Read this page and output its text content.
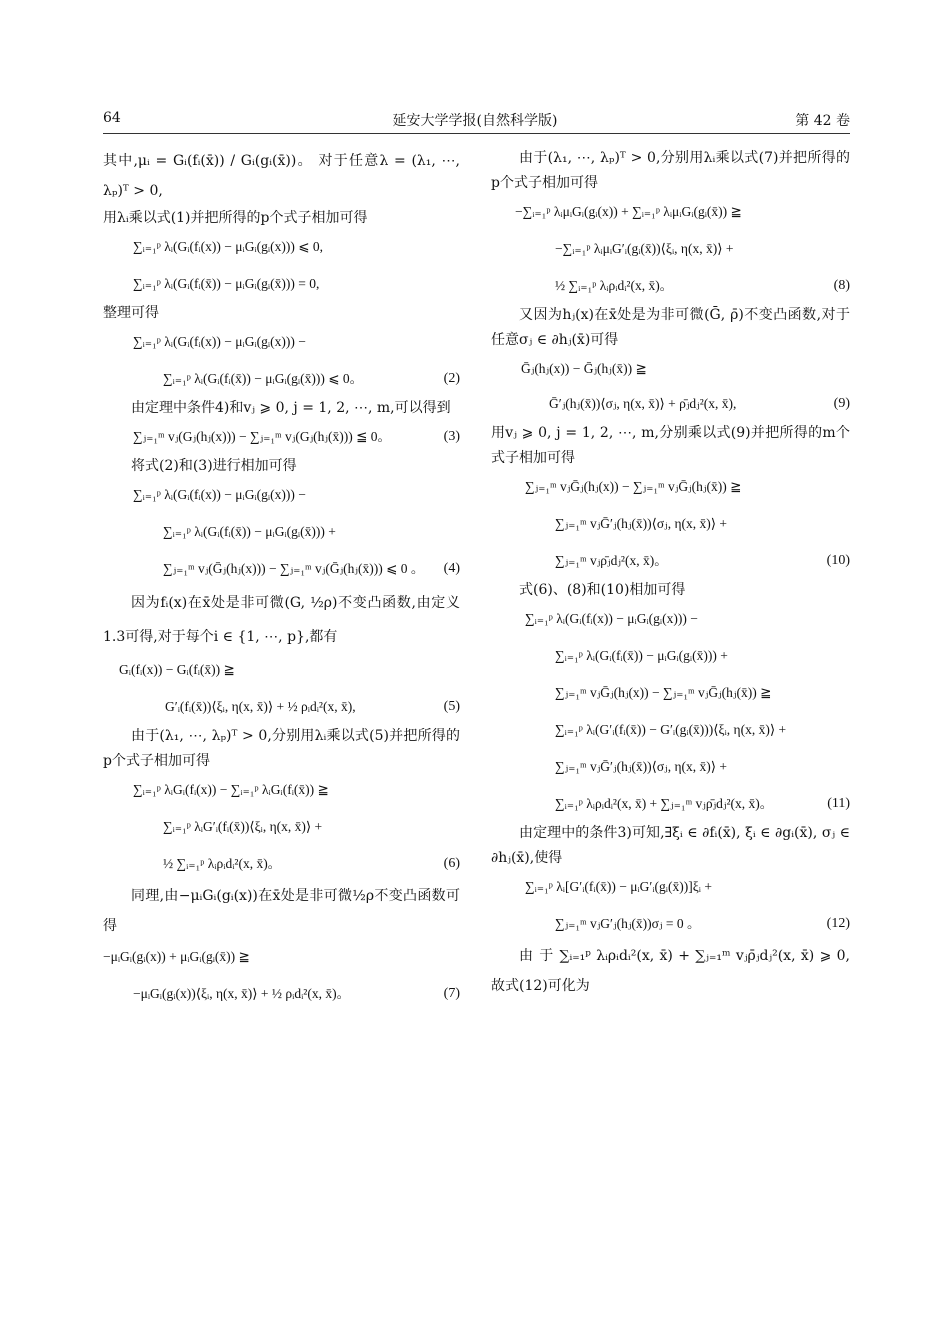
64	延安大学学报(自然科学版)	第 42 卷

其中,μᵢ = Gᵢ(fᵢ(x̄)) / Gᵢ(gᵢ(x̄))。 对于任意λ = (λ₁, ⋯, λₚ)ᵀ > 0,

用λᵢ乘以式(1)并把所得的p个式子相加可得

∑ᵢ₌₁ᵖ λᵢ(Gᵢ(fᵢ(x)) − μᵢGᵢ(gᵢ(x))) ⩽ 0,
∑ᵢ₌₁ᵖ λᵢ(Gᵢ(fᵢ(x̄)) − μᵢGᵢ(gᵢ(x̄))) = 0,

整理可得

∑ᵢ₌₁ᵖ λᵢ(Gᵢ(fᵢ(x)) − μᵢGᵢ(gᵢ(x))) −
∑ᵢ₌₁ᵖ λᵢ(Gᵢ(fᵢ(x̄)) − μᵢGᵢ(gᵢ(x̄))) ⩽ 0。	(2)

由定理中条件4)和vⱼ ⩾ 0, j = 1, 2, ⋯, m,可以得到

∑ⱼ₌₁ᵐ vⱼ(Gⱼ(hⱼ(x))) − ∑ⱼ₌₁ᵐ vⱼ(Gⱼ(hⱼ(x̄))) ≦ 0。	(3)

将式(2)和(3)进行相加可得

∑ᵢ₌₁ᵖ λᵢ(Gᵢ(fᵢ(x)) − μᵢGᵢ(gᵢ(x))) −
∑ᵢ₌₁ᵖ λᵢ(Gᵢ(fᵢ(x̄)) − μᵢGᵢ(gᵢ(x̄))) +
∑ⱼ₌₁ᵐ vⱼ(Ḡⱼ(hⱼ(x))) − ∑ⱼ₌₁ᵐ vⱼ(Ḡⱼ(hⱼ(x̄))) ⩽ 0 。	(4)

因为fᵢ(x)在x̄处是非可微(G, ½ρ)不变凸函数,由定义1.3可得,对于每个i ∈ {1, ⋯, p},都有

Gᵢ(fᵢ(x)) − Gᵢ(fᵢ(x̄)) ≧
G′ᵢ(fᵢ(x̄))⟨ξᵢ, η(x, x̄)⟩ + ½ ρᵢdᵢ²(x, x̄),	(5)

由于(λ₁, ⋯, λₚ)ᵀ > 0,分别用λᵢ乘以式(5)并把所得的p个式子相加可得

∑ᵢ₌₁ᵖ λᵢGᵢ(fᵢ(x)) − ∑ᵢ₌₁ᵖ λᵢGᵢ(fᵢ(x̄)) ≧
∑ᵢ₌₁ᵖ λᵢG′ᵢ(fᵢ(x̄))⟨ξᵢ, η(x, x̄)⟩ +
½ ∑ᵢ₌₁ᵖ λᵢρᵢdᵢ²(x, x̄)。	(6)

同理,由−μᵢGᵢ(gᵢ(x))在x̄处是非可微½ρ不变凸函数可得

−μᵢGᵢ(gᵢ(x)) + μᵢGᵢ(gᵢ(x̄)) ≧
−μᵢGᵢ(gᵢ(x))⟨ξᵢ, η(x, x̄)⟩ + ½ ρᵢdᵢ²(x, x̄)。	(7)

由于(λ₁, ⋯, λₚ)ᵀ > 0,分别用λᵢ乘以式(7)并把所得的p个式子相加可得

−∑ᵢ₌₁ᵖ λᵢμᵢGᵢ(gᵢ(x)) + ∑ᵢ₌₁ᵖ λᵢμᵢGᵢ(gᵢ(x̄)) ≧
−∑ᵢ₌₁ᵖ λᵢμᵢG′ᵢ(gᵢ(x̄))⟨ξᵢ, η(x, x̄)⟩ +
½ ∑ᵢ₌₁ᵖ λᵢρᵢdᵢ²(x, x̄)。	(8)

又因为hⱼ(x)在x̄处是为非可微(Ḡ, ρ̄)不变凸函数,对于任意σⱼ ∈ ∂hⱼ(x̄)可得

Ḡⱼ(hⱼ(x)) − Ḡⱼ(hⱼ(x̄)) ≧
Ḡ′ⱼ(hⱼ(x̄))⟨σⱼ, η(x, x̄)⟩ + ρ̄ⱼdⱼ²(x, x̄),	(9)

用vⱼ ⩾ 0, j = 1, 2, ⋯, m,分别乘以式(9)并把所得的m个式子相加可得

∑ⱼ₌₁ᵐ vⱼḠⱼ(hⱼ(x)) − ∑ⱼ₌₁ᵐ vⱼḠⱼ(hⱼ(x̄)) ≧
∑ⱼ₌₁ᵐ vⱼḠ′ⱼ(hⱼ(x̄))⟨σⱼ, η(x, x̄)⟩ +
∑ⱼ₌₁ᵐ vⱼρ̄ⱼdⱼ²(x, x̄)。	(10)

式(6)、(8)和(10)相加可得

∑ᵢ₌₁ᵖ λᵢ(Gᵢ(fᵢ(x)) − μᵢGᵢ(gᵢ(x))) −
∑ᵢ₌₁ᵖ λᵢ(Gᵢ(fᵢ(x̄)) − μᵢGᵢ(gᵢ(x̄))) +
∑ⱼ₌₁ᵐ vⱼḠⱼ(hⱼ(x)) − ∑ⱼ₌₁ᵐ vⱼḠⱼ(hⱼ(x̄)) ≧
∑ᵢ₌₁ᵖ λᵢ(G′ᵢ(fᵢ(x̄)) − G′ᵢ(gᵢ(x̄)))⟨ξᵢ, η(x, x̄)⟩ +
∑ⱼ₌₁ᵐ vⱼḠ′ⱼ(hⱼ(x̄))⟨σⱼ, η(x, x̄)⟩ +
∑ᵢ₌₁ᵖ λᵢρᵢdᵢ²(x, x̄) + ∑ⱼ₌₁ᵐ vⱼρ̄ⱼdⱼ²(x, x̄)。	(11)

由定理中的条件3)可知,∃ξᵢ ∈ ∂fᵢ(x̄), ξᵢ ∈ ∂gᵢ(x̄), σⱼ ∈ ∂hⱼ(x̄),使得

∑ᵢ₌₁ᵖ λᵢ[G′ᵢ(fᵢ(x̄)) − μᵢG′ᵢ(gᵢ(x̄))]ξᵢ +
∑ⱼ₌₁ᵐ vⱼG′ⱼ(hⱼ(x̄))σⱼ = 0 。	(12)

由 于 ∑ᵢ₌₁ᵖ λᵢρᵢdᵢ²(x, x̄) + ∑ⱼ₌₁ᵐ vⱼρ̄ⱼdⱼ²(x, x̄) ⩾ 0, 故式(12)可化为
